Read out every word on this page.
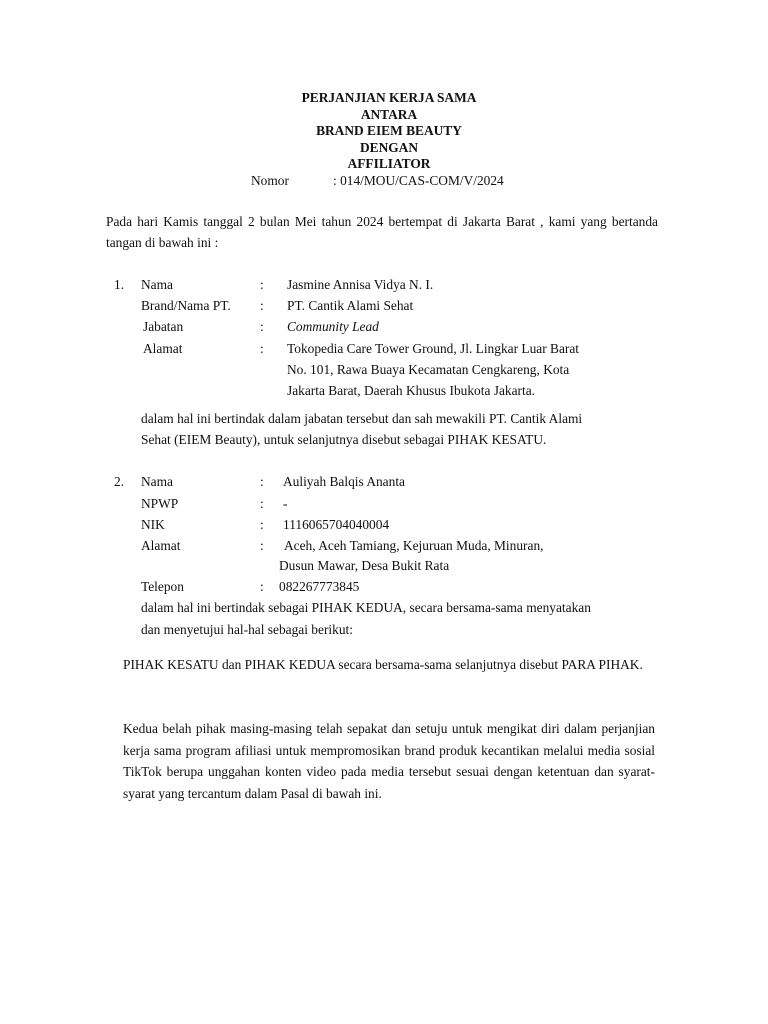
PERJANJIAN KERJA SAMA
ANTARA
BRAND EIEM BEAUTY
DENGAN
AFFILIATOR
Nomor	: 014/MOU/CAS-COM/V/2024
Pada hari Kamis tanggal 2 bulan Mei tahun 2024 bertempat di Jakarta Barat , kami yang bertanda tangan di bawah ini :
1. Nama	: Jasmine Annisa Vidya N. I.
Brand/Nama PT. : PT. Cantik Alami Sehat
Jabatan	: Community Lead
Alamat	: Tokopedia Care Tower Ground, Jl. Lingkar Luar Barat
No. 101, Rawa Buaya Kecamatan Cengkareng, Kota
Jakarta Barat, Daerah Khusus Ibukota Jakarta.
dalam hal ini bertindak dalam jabatan tersebut dan sah mewakili PT. Cantik Alami
Sehat (EIEM Beauty), untuk selanjutnya disebut sebagai PIHAK KESATU.
2. Nama	: Auliyah Balqis Ananta
NPWP	: -
NIK	: 1116065704040004
Alamat	: Aceh, Aceh Tamiang, Kejuruan Muda, Minuran,
Dusun Mawar, Desa Bukit Rata
Telepon	: 082267773845
dalam hal ini bertindak sebagai PIHAK KEDUA, secara bersama-sama menyatakan
dan menyetujui hal-hal sebagai berikut:
PIHAK KESATU dan PIHAK KEDUA secara bersama-sama selanjutnya disebut PARA PIHAK.
Kedua belah pihak masing-masing telah sepakat dan setuju untuk mengikat diri dalam perjanjian kerja sama program afiliasi untuk mempromosikan brand produk kecantikan melalui media sosial TikTok berupa unggahan konten video pada media tersebut sesuai dengan ketentuan dan syarat-syarat yang tercantum dalam Pasal di bawah ini.
